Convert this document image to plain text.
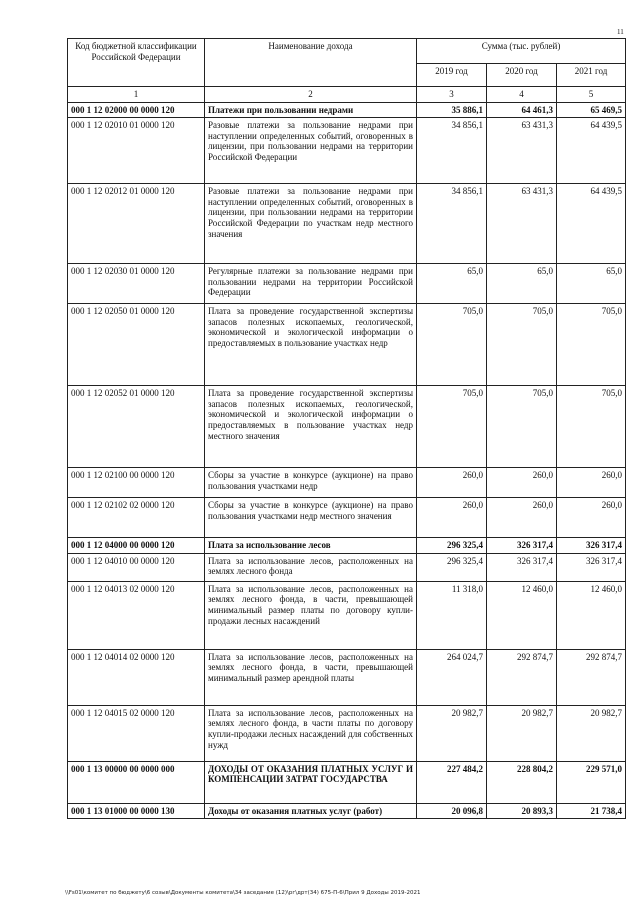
11
Код бюджетной классификации Российской Федерации	Наименование дохода	Сумма (тыс. рублей)		
		2019 год	2020 год	2021 год
1	2	3	4	5
000 1 12 02000 00 0000 120	Платежи при пользовании недрами	35 886,1	64 461,3	65 469,5
000 1 12 02010 01 0000 120	Разовые платежи за пользование недрами при наступлении определенных событий, оговоренных в лицензии, при пользовании недрами на территории Российской Федерации	34 856,1	63 431,3	64 439,5
000 1 12 02012 01 0000 120	Разовые платежи за пользование недрами при наступлении определенных событий, оговоренных в лицензии, при пользовании недрами на территории Российской Федерации по участкам недр местного значения	34 856,1	63 431,3	64 439,5
000 1 12 02030 01 0000 120	Регулярные платежи за пользование недрами при пользовании недрами на территории Российской Федерации	65,0	65,0	65,0
000 1 12 02050 01 0000 120	Плата за проведение государственной экспертизы запасов полезных ископаемых, геологической, экономической и экологической информации о предоставляемых в пользование участках недр	705,0	705,0	705,0
000 1 12 02052 01 0000 120	Плата за проведение государственной экспертизы запасов полезных ископаемых, геологической, экономической и экологической информации о предоставляемых в пользование участках недр местного значения	705,0	705,0	705,0
000 1 12 02100 00 0000 120	Сборы за участие в конкурсе (аукционе) на право пользования участками недр	260,0	260,0	260,0
000 1 12 02102 02 0000 120	Сборы за участие в конкурсе (аукционе) на право пользования участками недр местного значения	260,0	260,0	260,0
000 1 12 04000 00 0000 120	Плата за использование лесов	296 325,4	326 317,4	326 317,4
000 1 12 04010 00 0000 120	Плата за использование лесов, расположенных на землях лесного фонда	296 325,4	326 317,4	326 317,4
000 1 12 04013 02 0000 120	Плата за использование лесов, расположенных на землях лесного фонда, в части, превышающей минимальный размер платы по договору купли-продажи лесных насаждений	11 318,0	12 460,0	12 460,0
000 1 12 04014 02 0000 120	Плата за использование лесов, расположенных на землях лесного фонда, в части, превышающей минимальный размер арендной платы	264 024,7	292 874,7	292 874,7
000 1 12 04015 02 0000 120	Плата за использование лесов, расположенных на землях лесного фонда, в части платы по договору купли-продажи лесных насаждений для собственных нужд	20 982,7	20 982,7	20 982,7
000 1 13 00000 00 0000 000	ДОХОДЫ ОТ ОКАЗАНИЯ ПЛАТНЫХ УСЛУГ И КОМПЕНСАЦИИ ЗАТРАТ ГОСУДАРСТВА	227 484,2	228 804,2	229 571,0
000 1 13 01000 00 0000 130	Доходы от оказания платных услуг (работ)	20 096,8	20 893,3	21 738,4
\\Fs01\комитет по бюджету\6 созыв\Документы комитета\34 заседание (12)\рг\дрт(34) 675-П-6\Прил 9 Доходы 2019-2021
